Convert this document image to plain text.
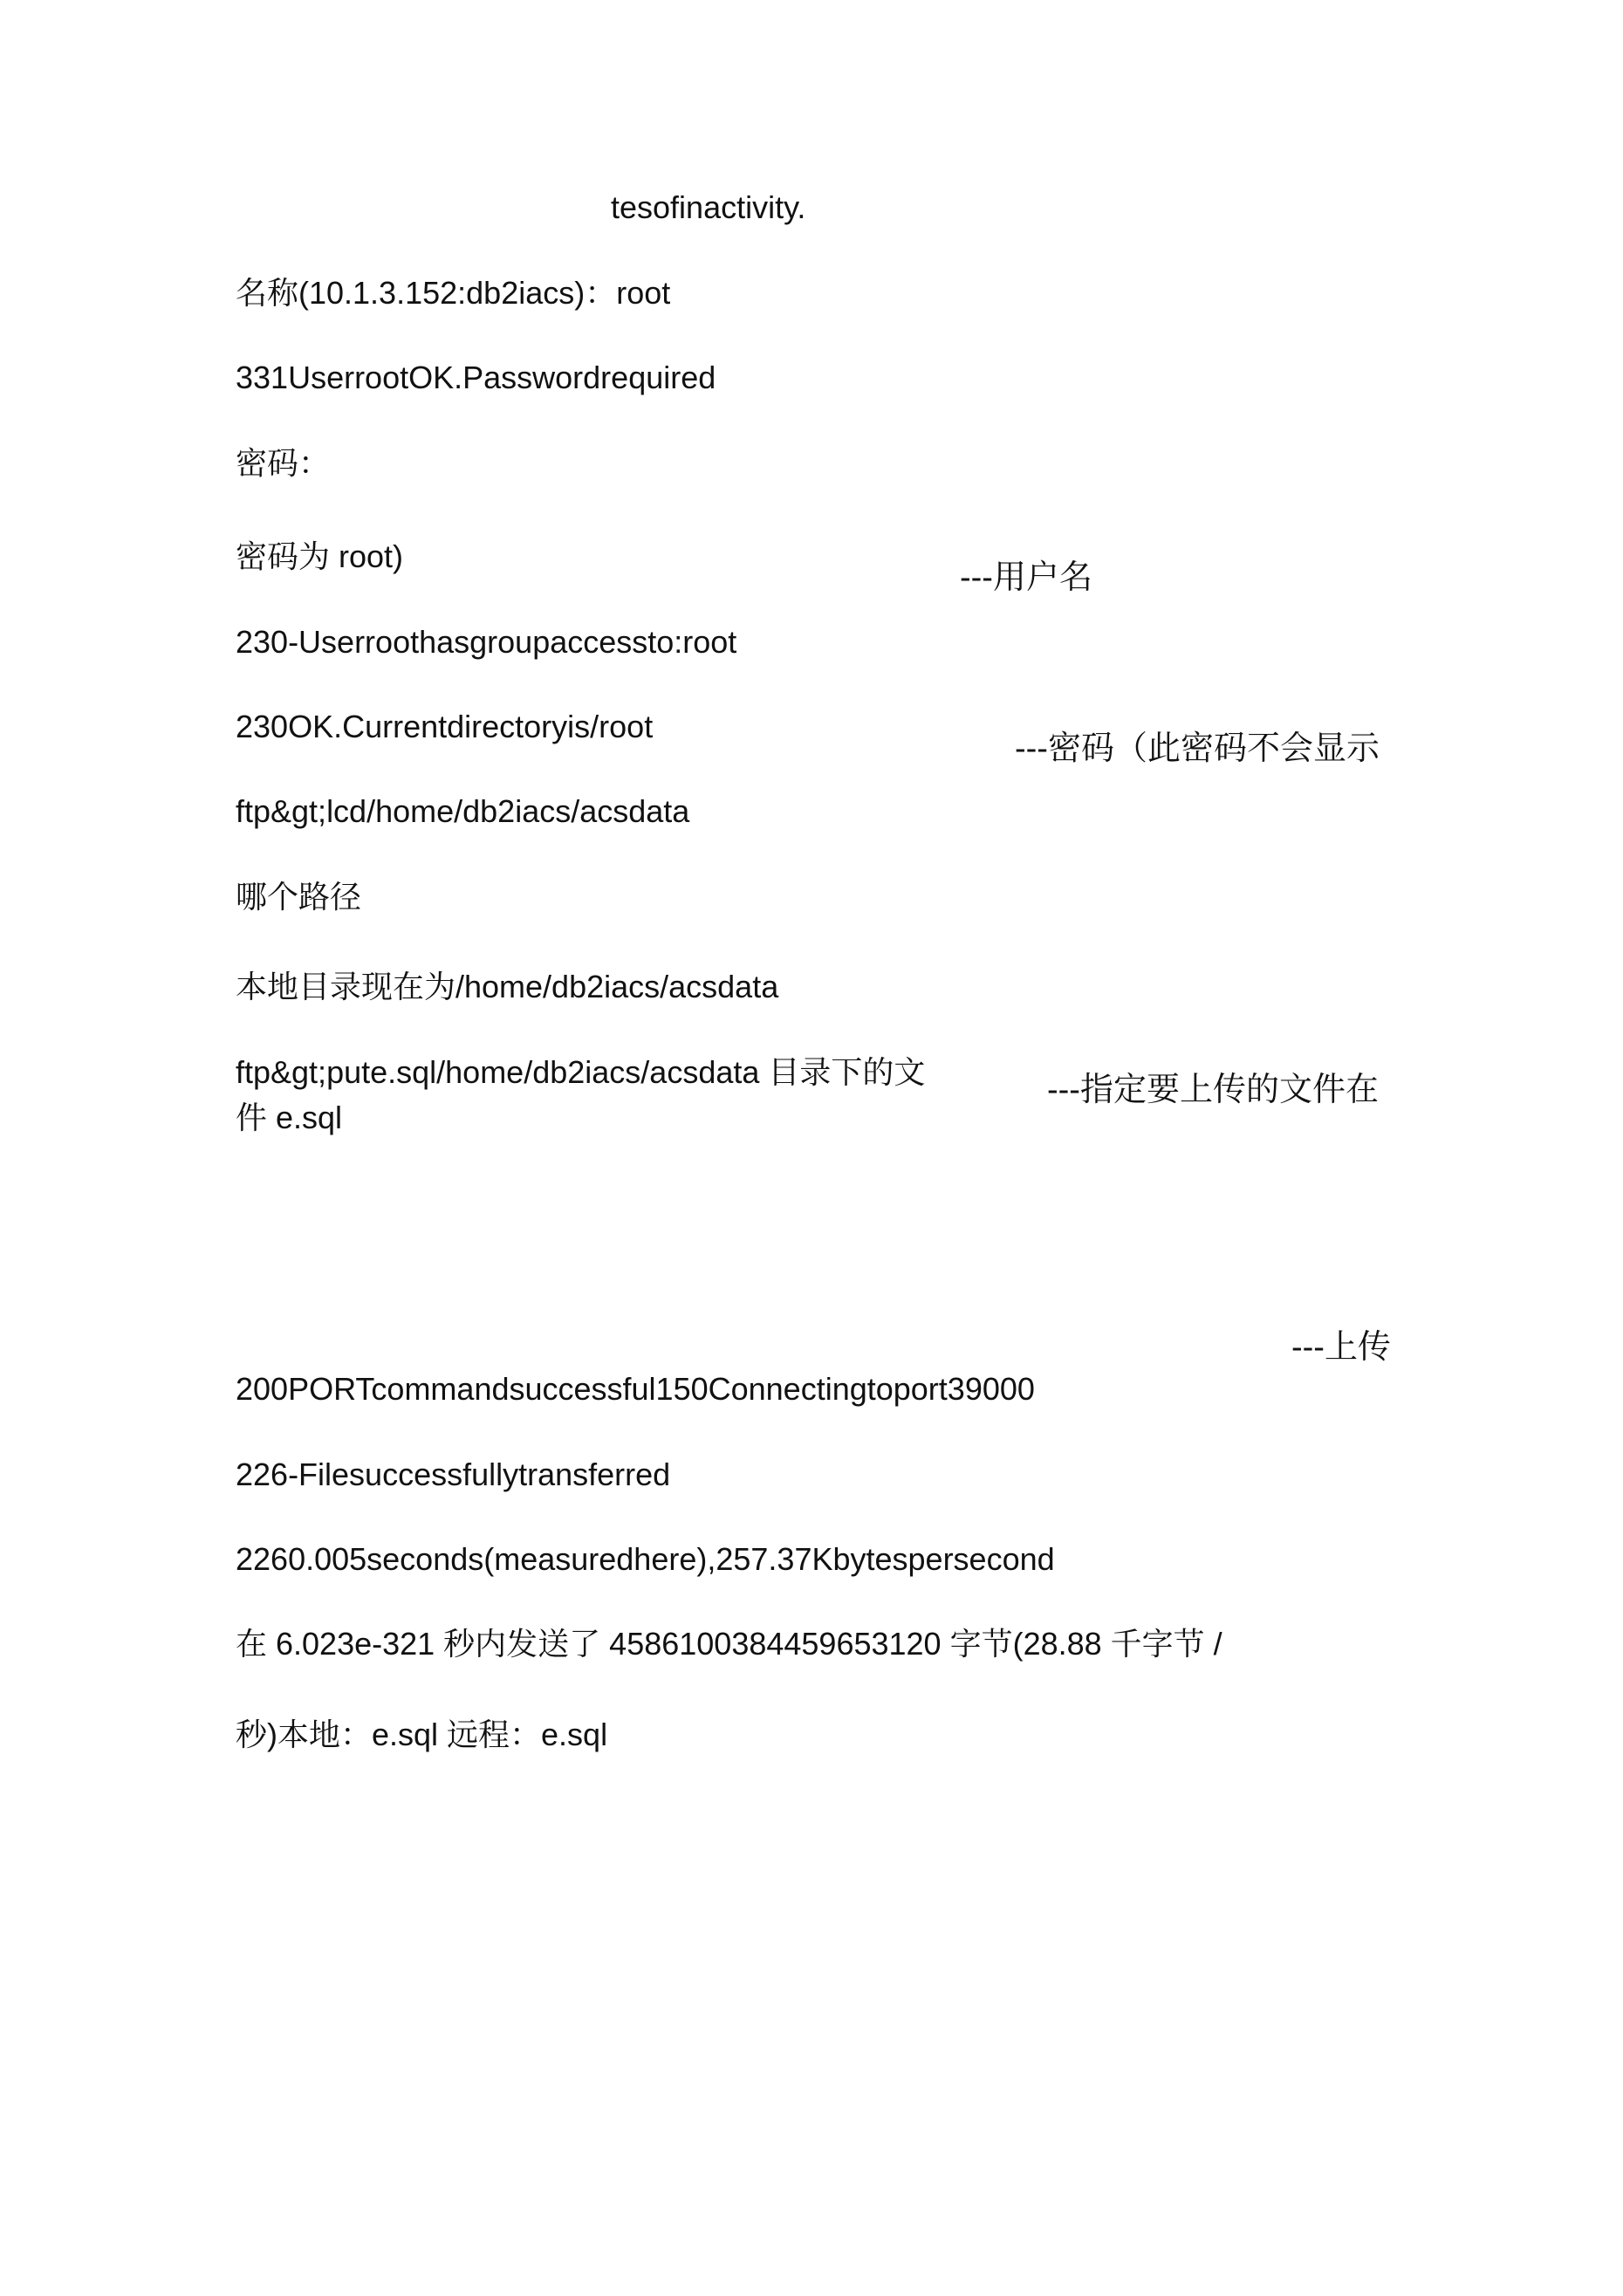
tesofinactivity.
名称(10.1.3.152:db2iacs)：root
331UserrootOK.Passwordrequired
密码：
密码为 root)
---用户名
230-Userroothasgroupaccessto:root
230OK.Currentdirectoryis/root
---密码（此密码不会显示
ftp&gt;lcd/home/db2iacs/acsdata
哪个路径
本地目录现在为/home/db2iacs/acsdata
ftp&gt;pute.sql/home/db2iacs/acsdata 目录下的文件 e.sql
---指定要上传的文件在
---上传
200PORTcommandsuccessful150Connectingtoport39000
226-Filesuccessfullytransferred
2260.005seconds(measuredhere),257.37Kbytespersecond
在 6.023e-321 秒内发送了 4586100384459653120 字节(28.88 千字节 /
秒)本地：e.sql 远程：e.sql
